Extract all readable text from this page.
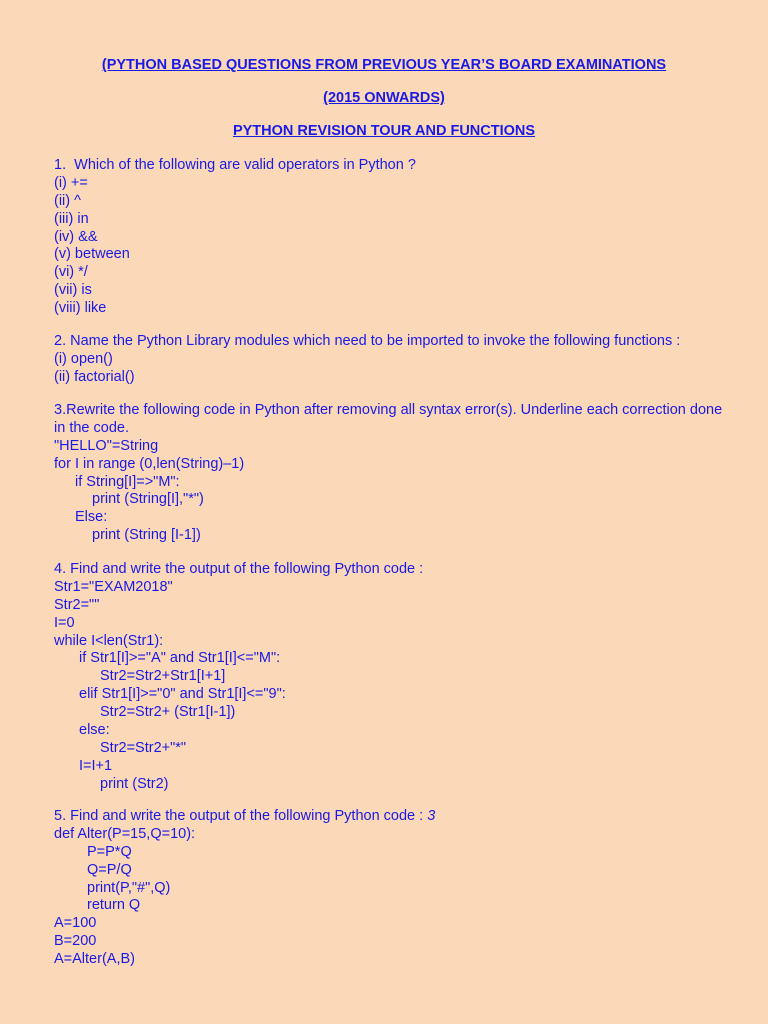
(PYTHON BASED QUESTIONS FROM PREVIOUS YEAR’S BOARD EXAMINATIONS
(2015 ONWARDS)
PYTHON REVISION TOUR AND FUNCTIONS
1.  Which of the following are valid operators in Python ?
(i) +=
(ii) ^
(iii) in
(iv) &&
(v) between
(vi) */
(vii) is
(viii) like
2. Name the Python Library modules which need to be imported to invoke the following functions :
(i) open()
(ii) factorial()
3.Rewrite the following code in Python after removing all syntax error(s). Underline each correction done in the code.
"HELLO"=String
for I in range (0,len(String)–1)
if String[I]=>"M":
print (String[I],"*")
Else:
print (String [I-1])
4. Find and write the output of the following Python code :
Str1="EXAM2018"
Str2=""
I=0
while I<len(Str1):
if Str1[I]>="A" and Str1[I]<="M":
Str2=Str2+Str1[I+1]
elif Str1[I]>="0" and Str1[I]<="9":
Str2=Str2+ (Str1[I-1])
else:
Str2=Str2+"*"
I=I+1
print (Str2)
5. Find and write the output of the following Python code : 3
def Alter(P=15,Q=10):
P=P*Q
Q=P/Q
print(P,"#",Q)
return Q
A=100
B=200
A=Alter(A,B)
